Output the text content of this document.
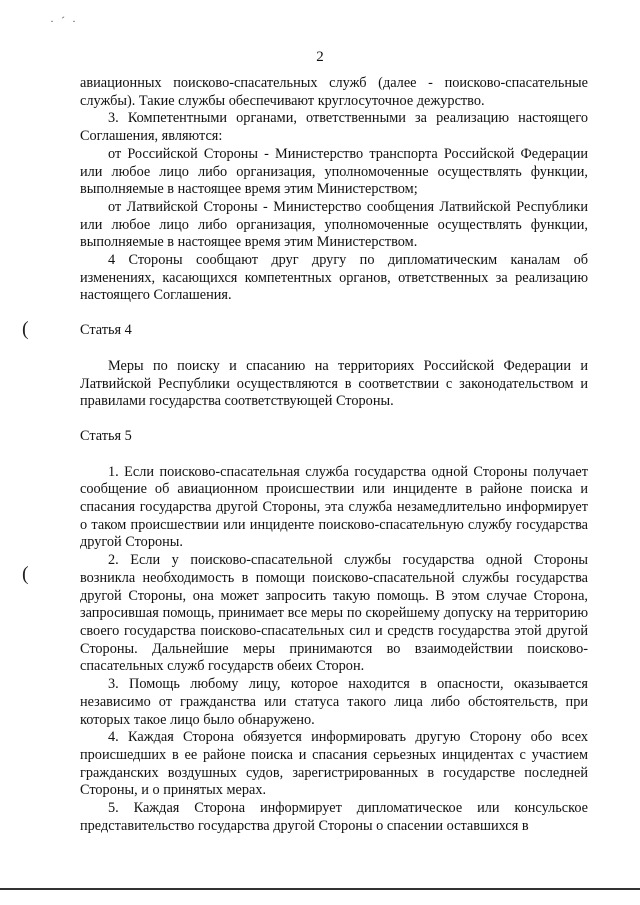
· ´ ·
2
(
(

авиационных поисково-спасательных служб (далее - поисково-спасательные службы). Такие службы обеспечивают круглосуточное дежурство.

3. Компетентными органами, ответственными за реализацию настоящего Соглашения, являются:

от Российской Стороны - Министерство транспорта Российской Федерации или любое лицо либо организация, уполномоченные осуществлять функции, выполняемые в настоящее время этим Министерством;

от Латвийской Стороны - Министерство сообщения Латвийской Республики или любое лицо либо организация, уполномоченные осуществлять функции, выполняемые в настоящее время этим Министерством.

4 Стороны сообщают друг другу по дипломатическим каналам об изменениях, касающихся компетентных органов, ответственных за реализацию настоящего Соглашения.

Статья 4

Меры по поиску и спасанию на территориях Российской Федерации и Латвийской Республики осуществляются в соответствии с законодательством и правилами государства соответствующей Стороны.

Статья 5

1. Если поисково-спасательная служба государства одной Стороны получает сообщение об авиационном происшествии или инциденте в районе поиска и спасания государства другой Стороны, эта служба незамедлительно информирует о таком происшествии или инциденте поисково-спасательную службу государства другой Стороны.

2. Если у поисково-спасательной службы государства одной Стороны возникла необходимость в помощи поисково-спасательной службы государства другой Стороны, она может запросить такую помощь. В этом случае Сторона, запросившая помощь, принимает все меры по скорейшему допуску на территорию своего государства поисково-спасательных сил и средств государства этой другой Стороны. Дальнейшие меры принимаются во взаимодействии поисково-спасательных служб государств обеих Сторон.

3. Помощь любому лицу, которое находится в опасности, оказывается независимо от гражданства или статуса такого лица либо обстоятельств, при которых такое лицо было обнаружено.

4. Каждая Сторона обязуется информировать другую Сторону обо всех происшедших в ее районе поиска и спасания серьезных инцидентах с участием гражданских воздушных судов, зарегистрированных в государстве последней Стороны, и о принятых мерах.

5. Каждая Сторона информирует дипломатическое или консульское представительство государства другой Стороны о спасении оставшихся в
